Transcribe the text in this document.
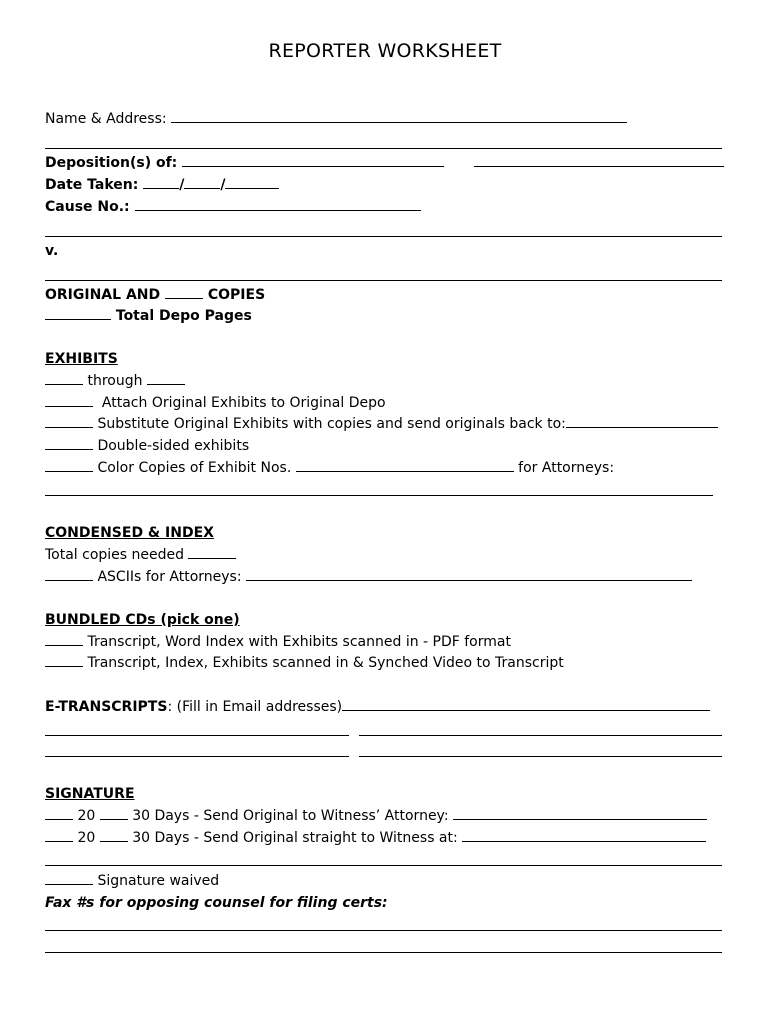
REPORTER WORKSHEET
Name & Address:
Deposition(s) of:
Date Taken:	/	/
Cause No.:
v.
ORIGINAL AND	COPIES
Total Depo Pages
EXHIBITS
through
Attach Original Exhibits to Original Depo
Substitute Original Exhibits with copies and send originals back to:
Double-sided exhibits
Color Copies of Exhibit Nos.	for Attorneys:
CONDENSED & INDEX
Total copies needed
ASCIIs for Attorneys:
BUNDLED CDs (pick one)
Transcript, Word Index with Exhibits scanned in - PDF format
Transcript, Index, Exhibits scanned in & Synched Video to Transcript
E-TRANSCRIPTS: (Fill in Email addresses)
SIGNATURE
20	30 Days - Send Original to Witness’ Attorney:
20	30 Days - Send Original straight to Witness at:
Signature waived
Fax #s for opposing counsel for filing certs:
